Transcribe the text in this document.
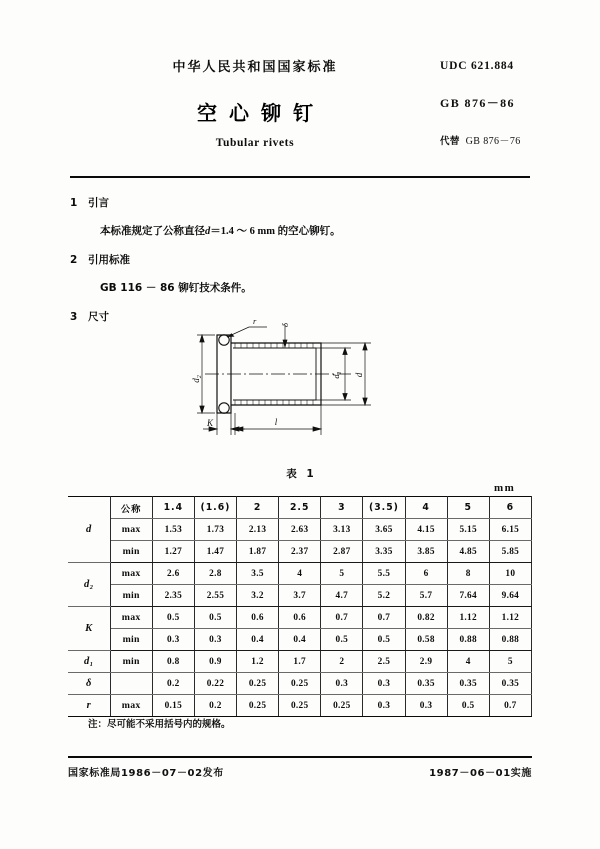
中华人民共和国国家标准
空心铆钉
Tubular rivets
UDC 621.884
GB 876－86
代替 GB 876－76
1 引言
本标准规定了公称直径d＝1.4 ～ 6 mm 的空心铆钉。
2 引用标准
GB 116 － 86 铆钉技术条件。
3 尺寸
$d_2$	d
$d_1$
r	δ
K	l
表 1
mm
d	公称	1.4	(1.6)	2	2.5	3	(3.5)	4	5	6
	max	1.53	1.73	2.13	2.63	3.13	3.65	4.15	5.15	6.15
	min	1.27	1.47	1.87	2.37	2.87	3.35	3.85	4.85	5.85
d₂	max	2.6	2.8	3.5	4	5	5.5	6	8	10
	min	2.35	2.55	3.2	3.7	4.7	5.2	5.7	7.64	9.64
K	max	0.5	0.5	0.6	0.6	0.7	0.7	0.82	1.12	1.12
	min	0.3	0.3	0.4	0.4	0.5	0.5	0.58	0.88	0.88
d₁	min	0.8	0.9	1.2	1.7	2	2.5	2.9	4	5
δ		0.2	0.22	0.25	0.25	0.3	0.3	0.35	0.35	0.35
r	max	0.15	0.2	0.25	0.25	0.25	0.3	0.3	0.5	0.7
注：尽可能不采用括号内的规格。
国家标准局1986－07－02发布	1987－06－01实施
